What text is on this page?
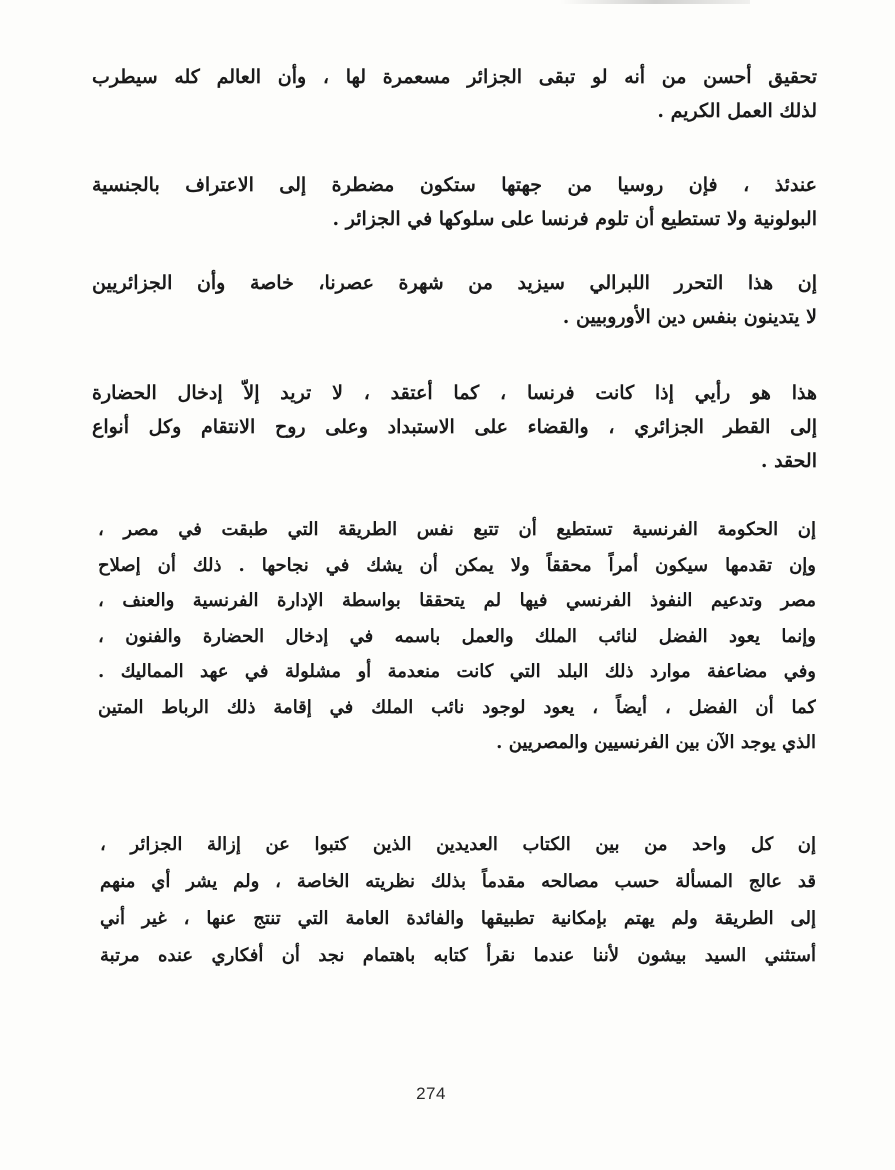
تحقيق أحسن من أنه لو تبقى الجزائر مسعمرة لها ، وأن العالم كله سيطرب
لذلك العمل الكريم .
عندئذ ، فإن روسيا من جهتها ستكون مضطرة إلى الاعتراف بالجنسية
البولونية ولا تستطيع أن تلوم فرنسا على سلوكها في الجزائر .
إن هذا التحرر اللبرالي سيزيد من شهرة عصرنا، خاصة وأن الجزائريين
لا يتدينون بنفس دين الأوروبيين .
هذا هو رأيي إذا كانت فرنسا ، كما أعتقد ، لا تريد إلاّ إدخال الحضارة
إلى القطر الجزائري ، والقضاء على الاستبداد وعلى روح الانتقام وكل أنواع
الحقد .
إن الحكومة الفرنسية تستطيع أن تتبع نفس الطريقة التي طبقت في مصر ،
وإن تقدمها سيكون أمراً محققاً ولا يمكن أن يشك في نجاحها . ذلك أن إصلاح
مصر وتدعيم النفوذ الفرنسي فيها لم يتحققا بواسطة الإدارة الفرنسية والعنف ،
وإنما يعود الفضل لنائب الملك والعمل باسمه في إدخال الحضارة والفنون ،
وفي مضاعفة موارد ذلك البلد التي كانت منعدمة أو مشلولة في عهد المماليك .
كما أن الفضل ، أيضاً ، يعود لوجود نائب الملك في إقامة ذلك الرباط المتين
الذي يوجد الآن بين الفرنسيين والمصريين .
إن كل واحد من بين الكتاب العديدين الذين كتبوا عن إزالة الجزائر ،
قد عالج المسألة حسب مصالحه مقدماً بذلك نظريته الخاصة ، ولم يشر أي منهم
إلى الطريقة ولم يهتم بإمكانية تطبيقها والفائدة العامة التي تنتج عنها ، غير أني
أستثني السيد بيشون لأننا عندما نقرأ كتابه باهتمام نجد أن أفكاري عنده مرتبة
274
